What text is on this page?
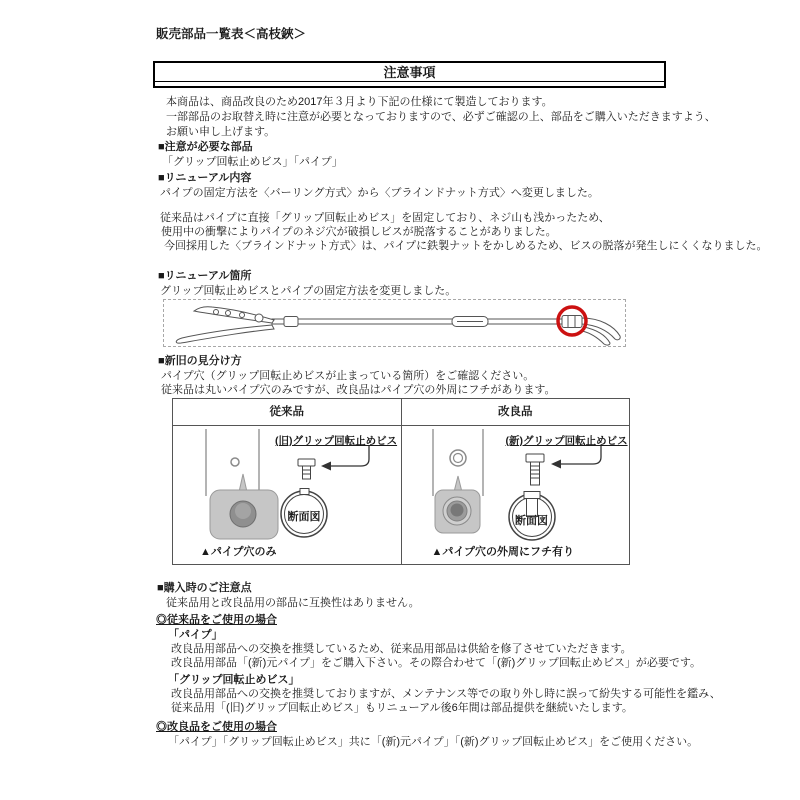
販売部品一覧表＜高枝鋏＞
注意事項
本商品は、商品改良のため2017年３月より下記の仕様にて製造しております。
一部部品のお取替え時に注意が必要となっておりますので、必ずご確認の上、部品をご購入いただきますよう、
お願い申し上げます。
■注意が必要な部品
「グリップ回転止めビス」「パイプ」
■リニューアル内容
パイプの固定方法を〈バーリング方式〉から〈ブラインドナット方式〉へ変更しました。
従来品はパイプに直接「グリップ回転止めビス」を固定しており、ネジ山も浅かったため、
使用中の衝撃によりパイプのネジ穴が破損しビスが脱落することがありました。
今回採用した〈ブラインドナット方式〉は、パイプに鉄製ナットをかしめるため、ビスの脱落が発生しにくくなりました。
■リニューアル箇所
グリップ回転止めビスとパイプの固定方法を変更しました。
■新旧の見分け方
パイプ穴（グリップ回転止めビスが止まっている箇所）をご確認ください。
従来品は丸いパイプ穴のみですが、改良品はパイプ穴の外周にフチがあります。
従来品	改良品
(旧)グリップ回転止めビス
断面図
▲パイプ穴のみ
(新)グリップ回転止めビス
断面図
▲パイプ穴の外周にフチ有り
■購入時のご注意点
従来品用と改良品用の部品に互換性はありません。
◎従来品をご使用の場合
「パイプ」
改良品用部品への交換を推奨しているため、従来品用部品は供給を修了させていただきます。
改良品用部品「(新)元パイプ」をご購入下さい。その際合わせて「(新)グリップ回転止めビス」が必要です。
「グリップ回転止めビス」
改良品用部品への交換を推奨しておりますが、メンテナンス等での取り外し時に誤って紛失する可能性を鑑み、
従来品用「(旧)グリップ回転止めビス」もリニューアル後6年間は部品提供を継続いたします。
◎改良品をご使用の場合
「パイプ」「グリップ回転止めビス」共に「(新)元パイプ」「(新)グリップ回転止めビス」をご使用ください。
